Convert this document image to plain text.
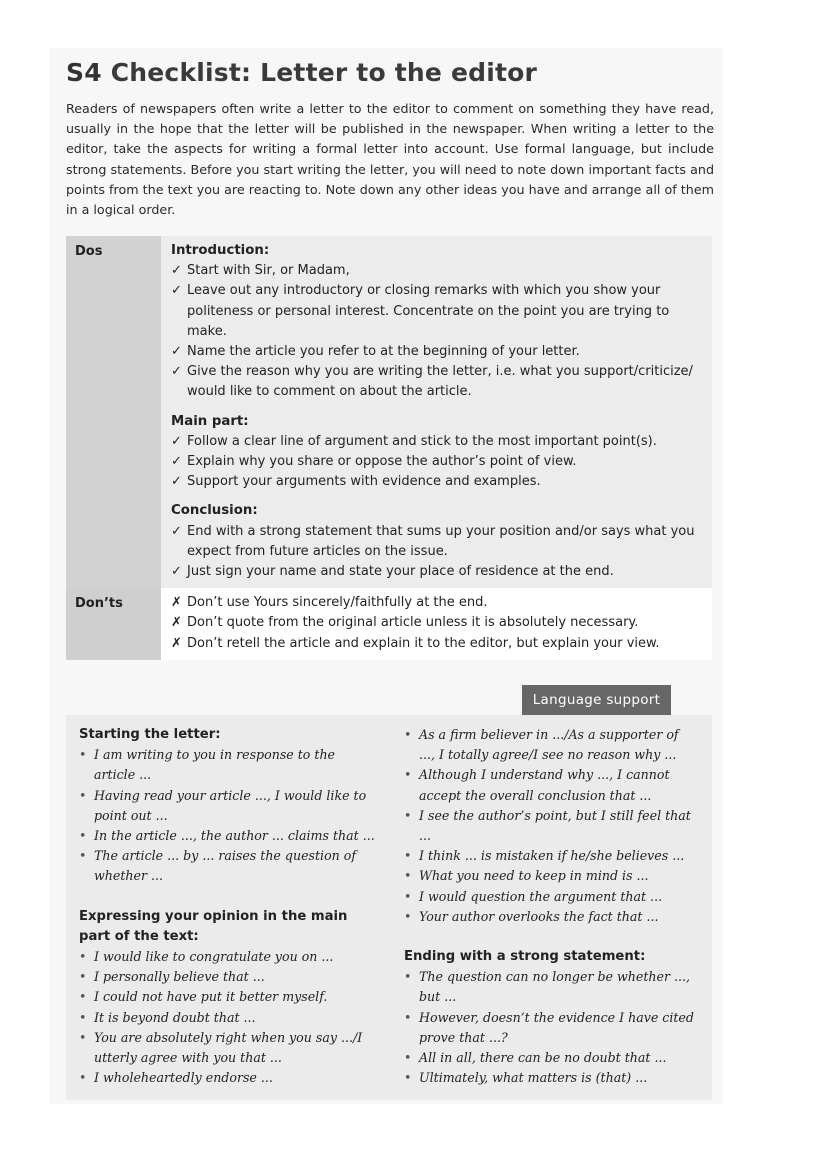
S4 Checklist: Letter to the editor
Readers of newspapers often write a letter to the editor to comment on something they have read, usually in the hope that the letter will be published in the newspaper. When writing a letter to the editor, take the aspects for writing a formal letter into account. Use formal language, but include strong statements. Before you start writing the letter, you will need to note down important facts and points from the text you are reacting to. Note down any other ideas you have and arrange all of them in a logical order.
Dos	Introduction:
✓ Start with Sir, or Madam,
✓ Leave out any introductory or closing remarks with which you show your politeness or personal interest. Concentrate on the point you are trying to make.
✓ Name the article you refer to at the beginning of your letter.
✓ Give the reason why you are writing the letter, i.e. what you support/criticize/ would like to comment on about the article.
Main part:
✓ Follow a clear line of argument and stick to the most important point(s).
✓ Explain why you share or oppose the author’s point of view.
✓ Support your arguments with evidence and examples.
Conclusion:
✓ End with a strong statement that sums up your position and/or says what you expect from future articles on the issue.
✓ Just sign your name and state your place of residence at the end.
Don’ts	✗ Don’t use Yours sincerely/faithfully at the end.
✗ Don’t quote from the original article unless it is absolutely necessary.
✗ Don’t retell the article and explain it to the editor, but explain your view.
Language support
Starting the letter:
• I am writing to you in response to the article ...
• Having read your article ..., I would like to point out ...
• In the article ..., the author ... claims that ...
• The article ... by ... raises the question of whether ...
Expressing your opinion in the main part of the text:
• I would like to congratulate you on ...
• I personally believe that ...
• I could not have put it better myself.
• It is beyond doubt that ...
• You are absolutely right when you say .../I utterly agree with you that ...
• I wholeheartedly endorse ...
• As a firm believer in .../As a supporter of ..., I totally agree/I see no reason why ...
• Although I understand why ..., I cannot accept the overall conclusion that ...
• I see the author’s point, but I still feel that ...
• I think ... is mistaken if he/she believes ...
• What you need to keep in mind is ...
• I would question the argument that ...
• Your author overlooks the fact that ...
Ending with a strong statement:
• The question can no longer be whether ..., but ...
• However, doesn’t the evidence I have cited prove that ...?
• All in all, there can be no doubt that ...
• Ultimately, what matters is (that) ...
